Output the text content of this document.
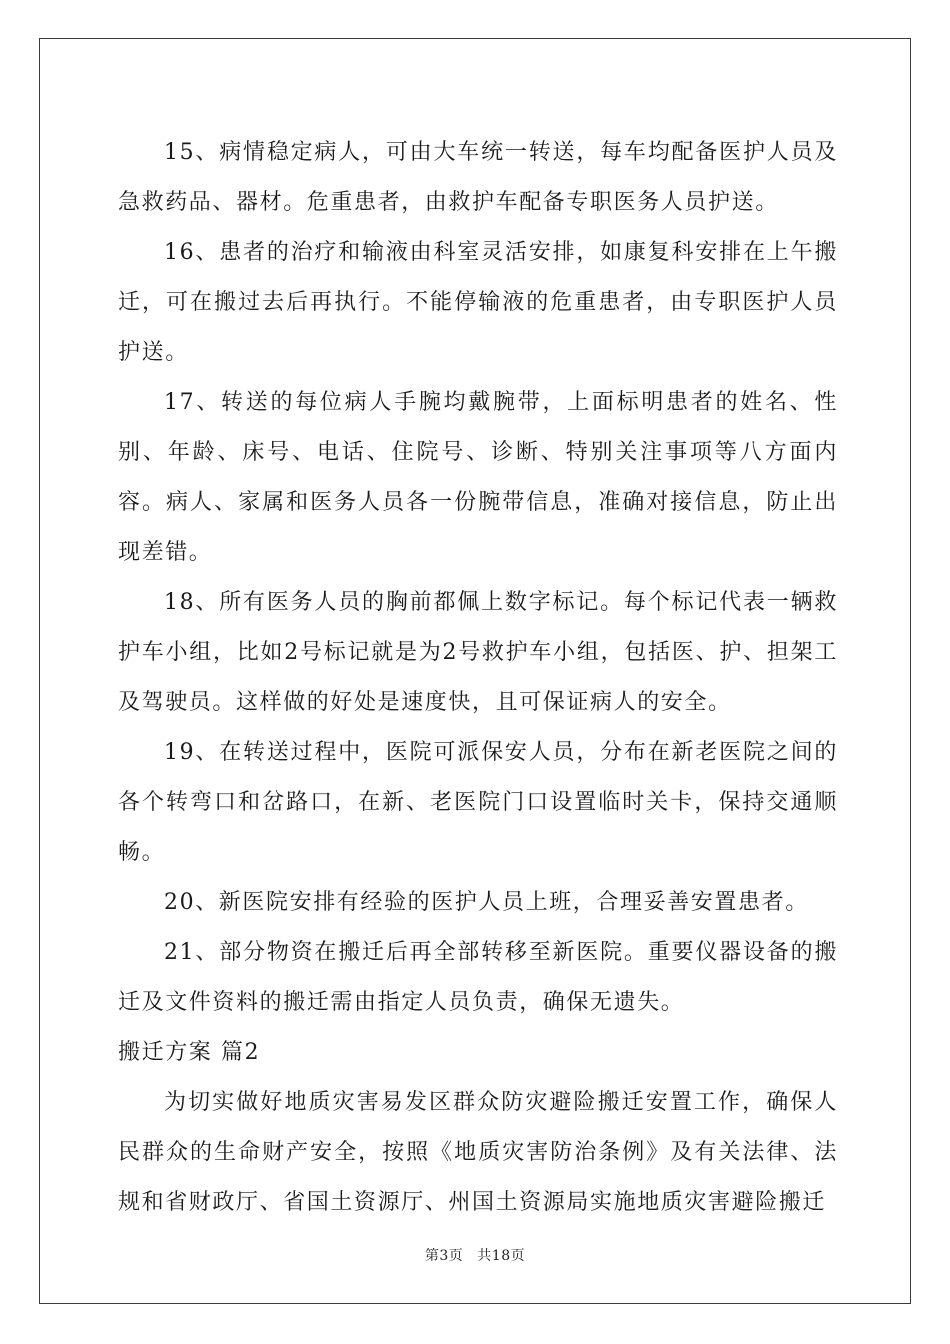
15、病情稳定病人，可由大车统一转送，每车均配备医护人员及急救药品、器材。危重患者，由救护车配备专职医务人员护送。

16、患者的治疗和输液由科室灵活安排，如康复科安排在上午搬迁，可在搬过去后再执行。不能停输液的危重患者，由专职医护人员护送。

17、转送的每位病人手腕均戴腕带，上面标明患者的姓名、性别、年龄、床号、电话、住院号、诊断、特别关注事项等八方面内容。病人、家属和医务人员各一份腕带信息，准确对接信息，防止出现差错。

18、所有医务人员的胸前都佩上数字标记。每个标记代表一辆救护车小组，比如2号标记就是为2号救护车小组，包括医、护、担架工及驾驶员。这样做的好处是速度快，且可保证病人的安全。

19、在转送过程中，医院可派保安人员，分布在新老医院之间的各个转弯口和岔路口，在新、老医院门口设置临时关卡，保持交通顺畅。

20、新医院安排有经验的医护人员上班，合理妥善安置患者。

21、部分物资在搬迁后再全部转移至新医院。重要仪器设备的搬迁及文件资料的搬迁需由指定人员负责，确保无遗失。

搬迁方案 篇2

为切实做好地质灾害易发区群众防灾避险搬迁安置工作，确保人民群众的生命财产安全，按照《地质灾害防治条例》及有关法律、法规和省财政厅、省国土资源厅、州国土资源局实施地质灾害避险搬迁

第3页 共18页
